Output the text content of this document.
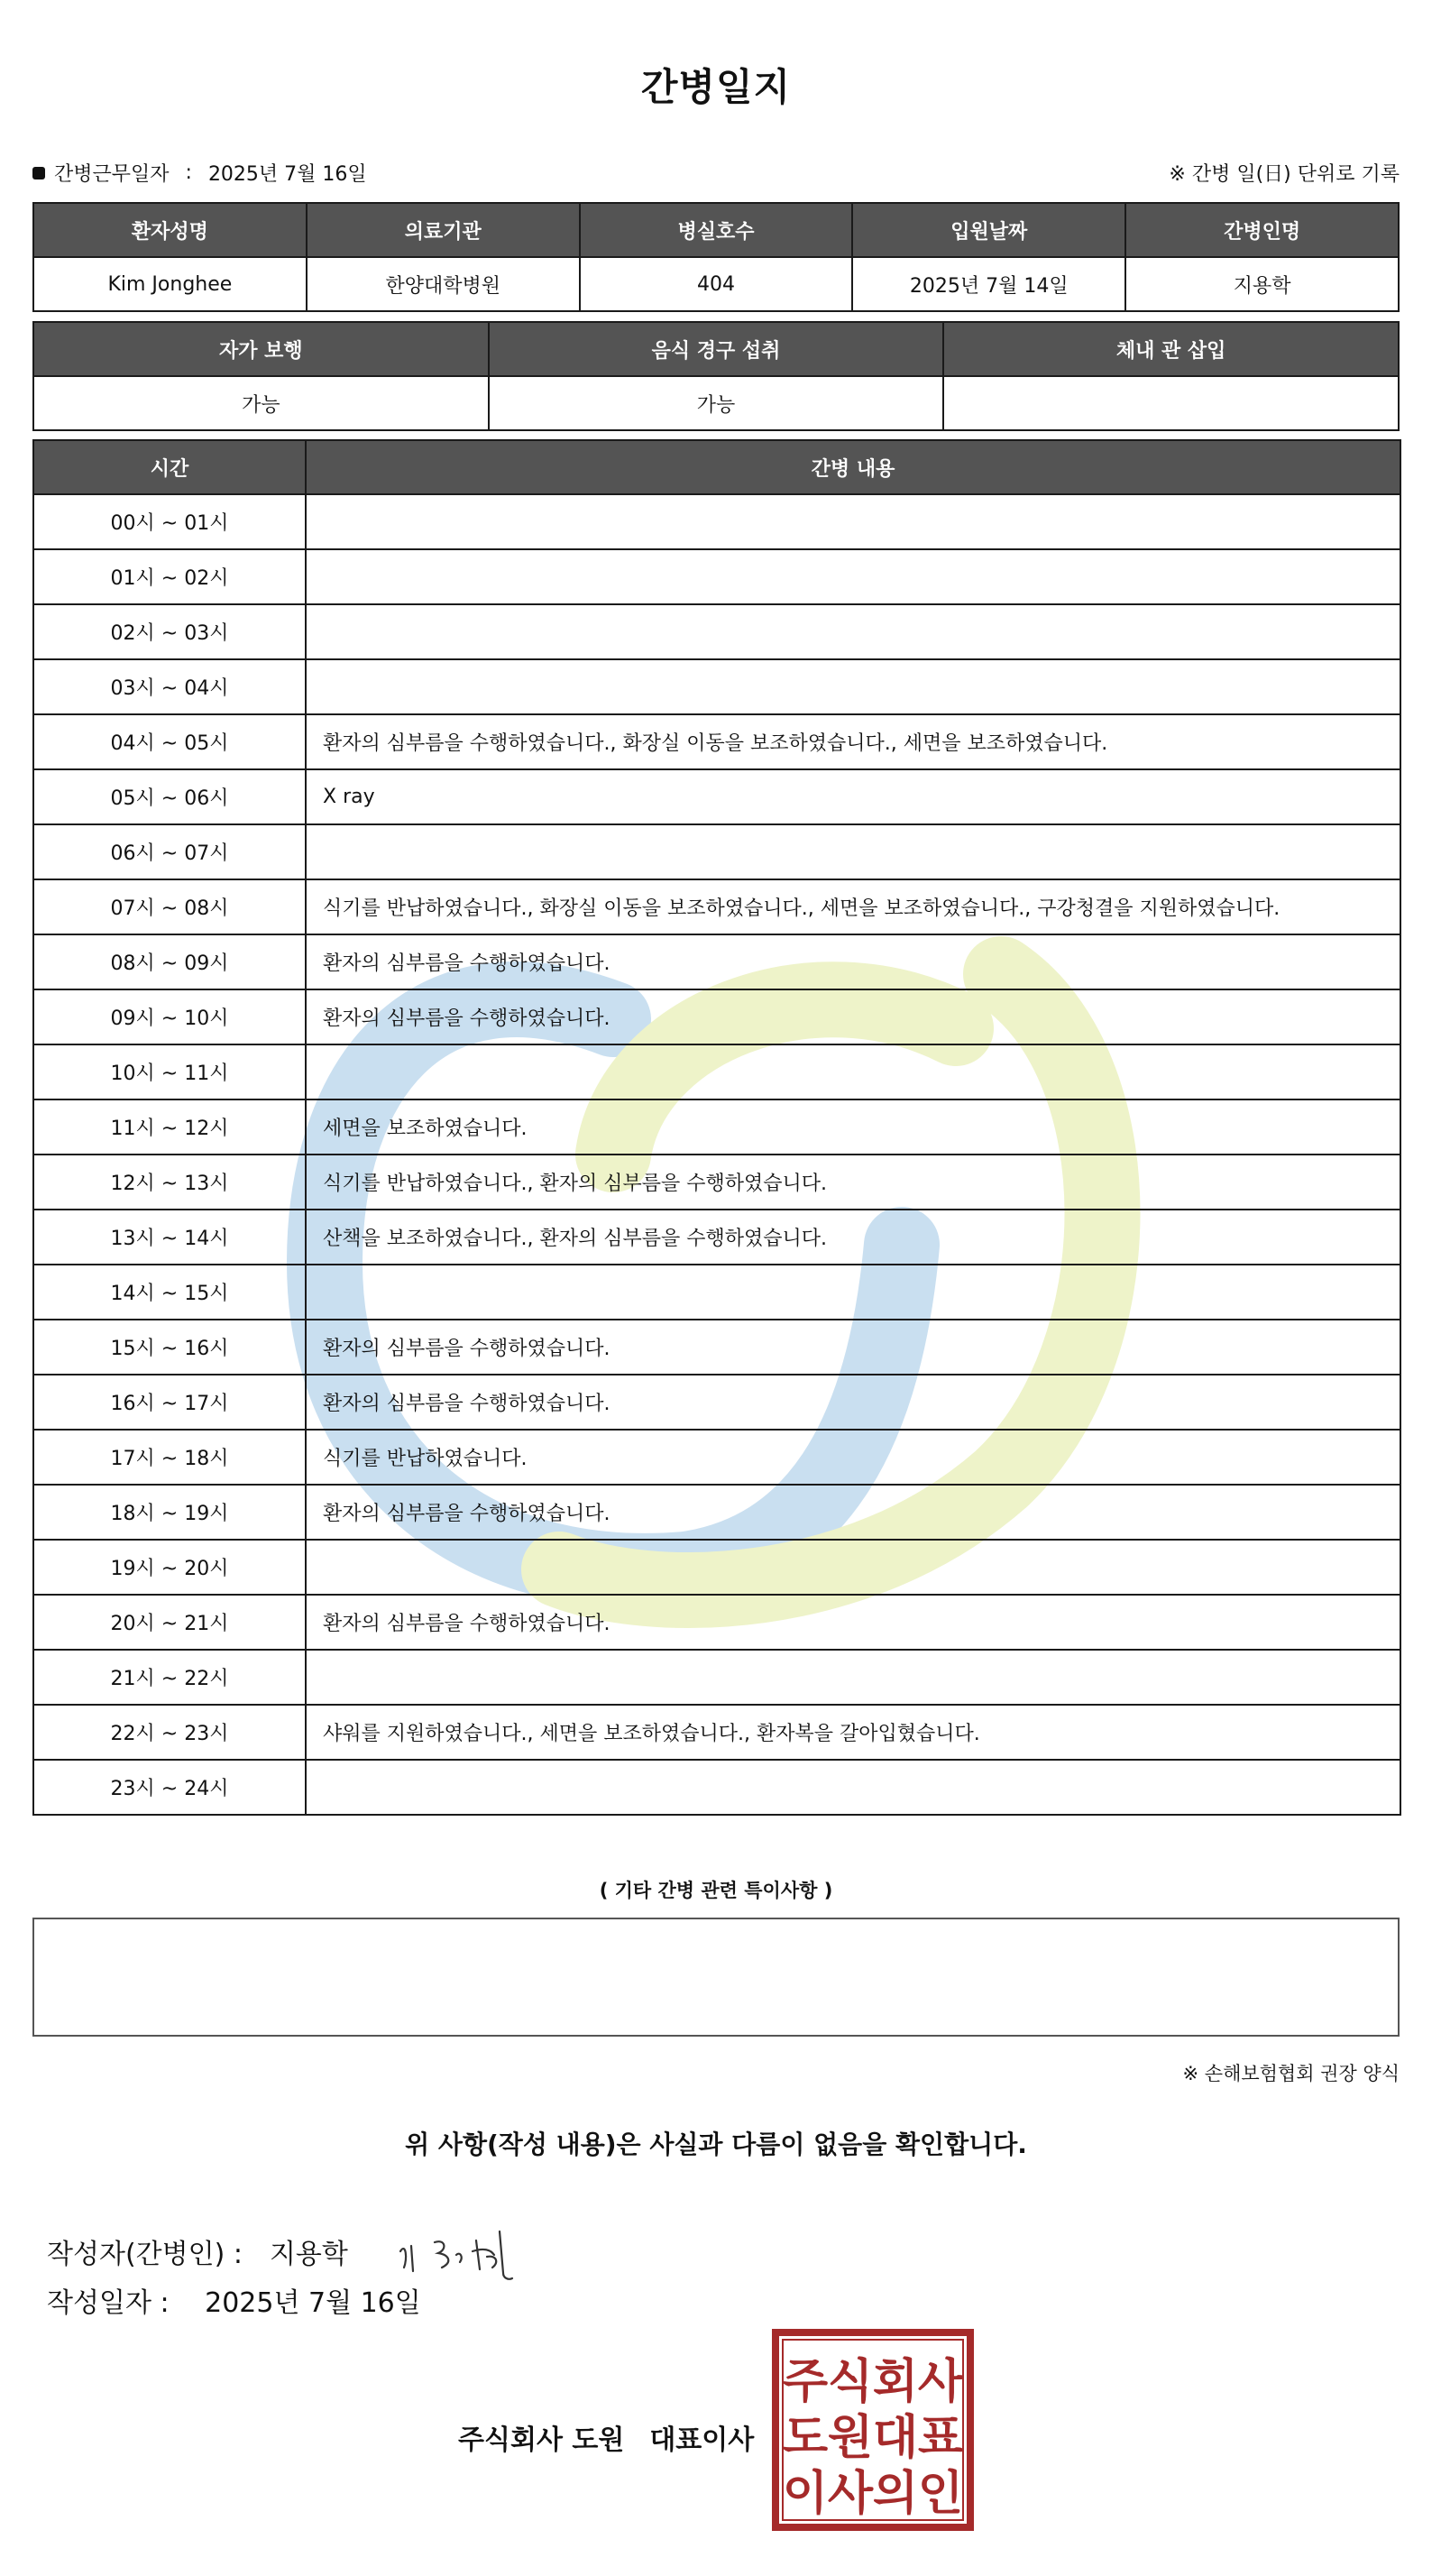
간병일지
간병근무일자 : 2025년 7월 16일	※ 간병 일(日) 단위로 기록
환자성명	의료기관	병실호수	입원날짜	간병인명
Kim Jonghee	한양대학병원	404	2025년 7월 14일	지용학
자가 보행	음식 경구 섭취	체내 관 삽입
가능	가능	
시간	간병 내용
00시 ~ 01시	
01시 ~ 02시	
02시 ~ 03시	
03시 ~ 04시	
04시 ~ 05시	환자의 심부름을 수행하였습니다., 화장실 이동을 보조하였습니다., 세면을 보조하였습니다.
05시 ~ 06시	X ray
06시 ~ 07시	
07시 ~ 08시	식기를 반납하였습니다., 화장실 이동을 보조하였습니다., 세면을 보조하였습니다., 구강청결을 지원하였습니다.
08시 ~ 09시	환자의 심부름을 수행하였습니다.
09시 ~ 10시	환자의 심부름을 수행하였습니다.
10시 ~ 11시	
11시 ~ 12시	세면을 보조하였습니다.
12시 ~ 13시	식기를 반납하였습니다., 환자의 심부름을 수행하였습니다.
13시 ~ 14시	산책을 보조하였습니다., 환자의 심부름을 수행하였습니다.
14시 ~ 15시	
15시 ~ 16시	환자의 심부름을 수행하였습니다.
16시 ~ 17시	환자의 심부름을 수행하였습니다.
17시 ~ 18시	식기를 반납하였습니다.
18시 ~ 19시	환자의 심부름을 수행하였습니다.
19시 ~ 20시	
20시 ~ 21시	환자의 심부름을 수행하였습니다.
21시 ~ 22시	
22시 ~ 23시	샤워를 지원하였습니다., 세면을 보조하였습니다., 환자복을 갈아입혔습니다.
23시 ~ 24시	
( 기타 간병 관련 특이사항 )
※ 손해보험협회 권장 양식
위 사항(작성 내용)은 사실과 다름이 없음을 확인합니다.
작성자(간병인) : 지용학
작성일자 : 2025년 7월 16일
주식회사 도원 대표이사
주 식 회 사
도 원 대 표
이 사 의 인
